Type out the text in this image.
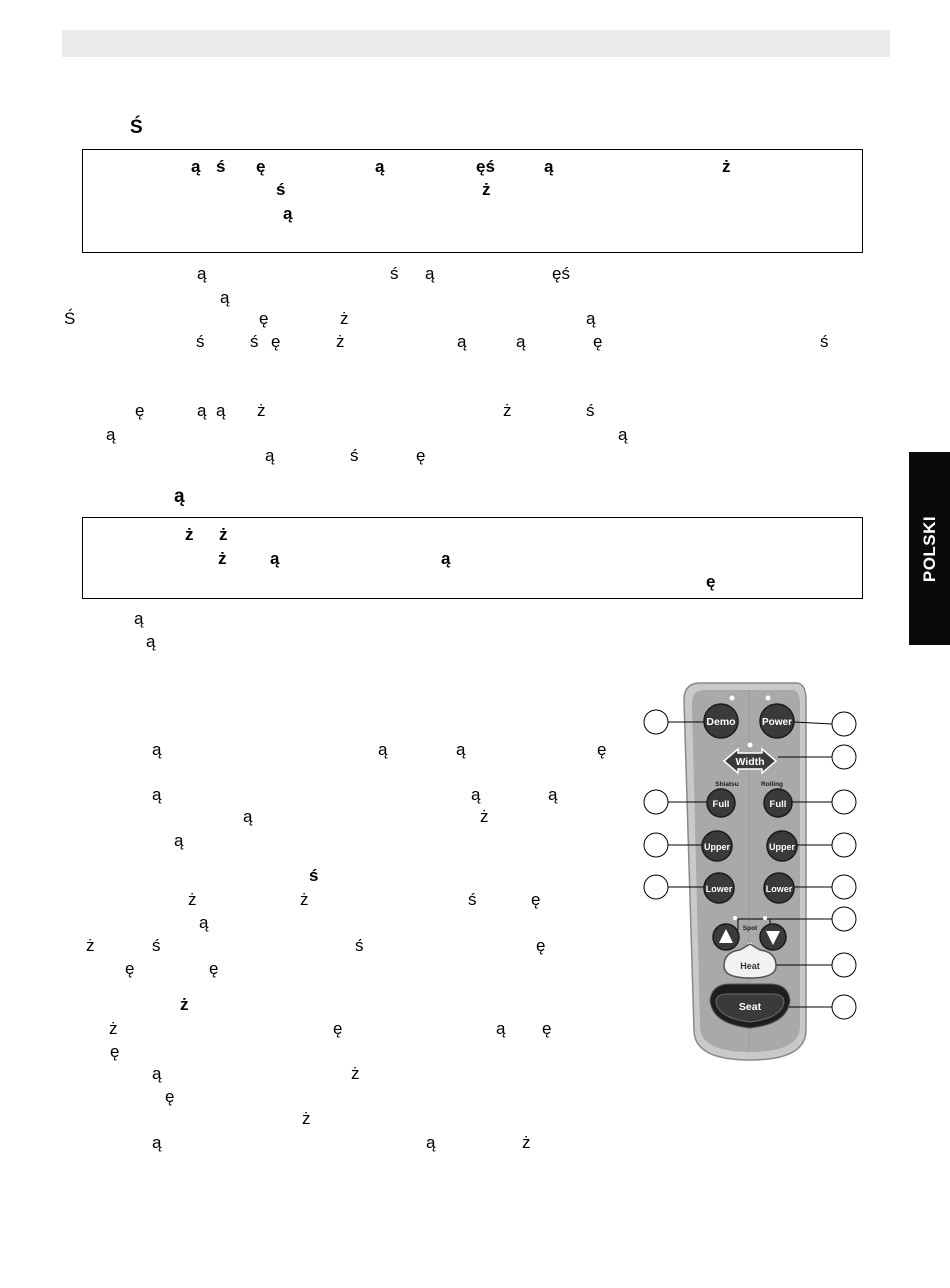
POLSKI
Ś
ą
ą ś ę	ą	ęś	ą	ż
ś	ż
ą
ą	ś ą	ęś
ą
Ś	ę	ż	ą
ś	ś ę	ż	ą	ą	ę	ś
ę	ą ą ż	ż	ś
ą	ą
ą	ś	ę
ż ż
ż	ą	ą
ę
ą
ą
ą	ą	ą	ę
ą	ą	ą
ą	ż
ą
ś
ż	ż	ś	ę
ą
ż	ś	ś	ę
ę	ę
ż
ż	ę	ą ę
ę
ą	ż
ę
ż
ą	ą	ż
Demo	Power
Width
Shiatsu	Rolling
Full	Full
Upper	Upper
Lower	Lower
Spot
Heat
Seat
